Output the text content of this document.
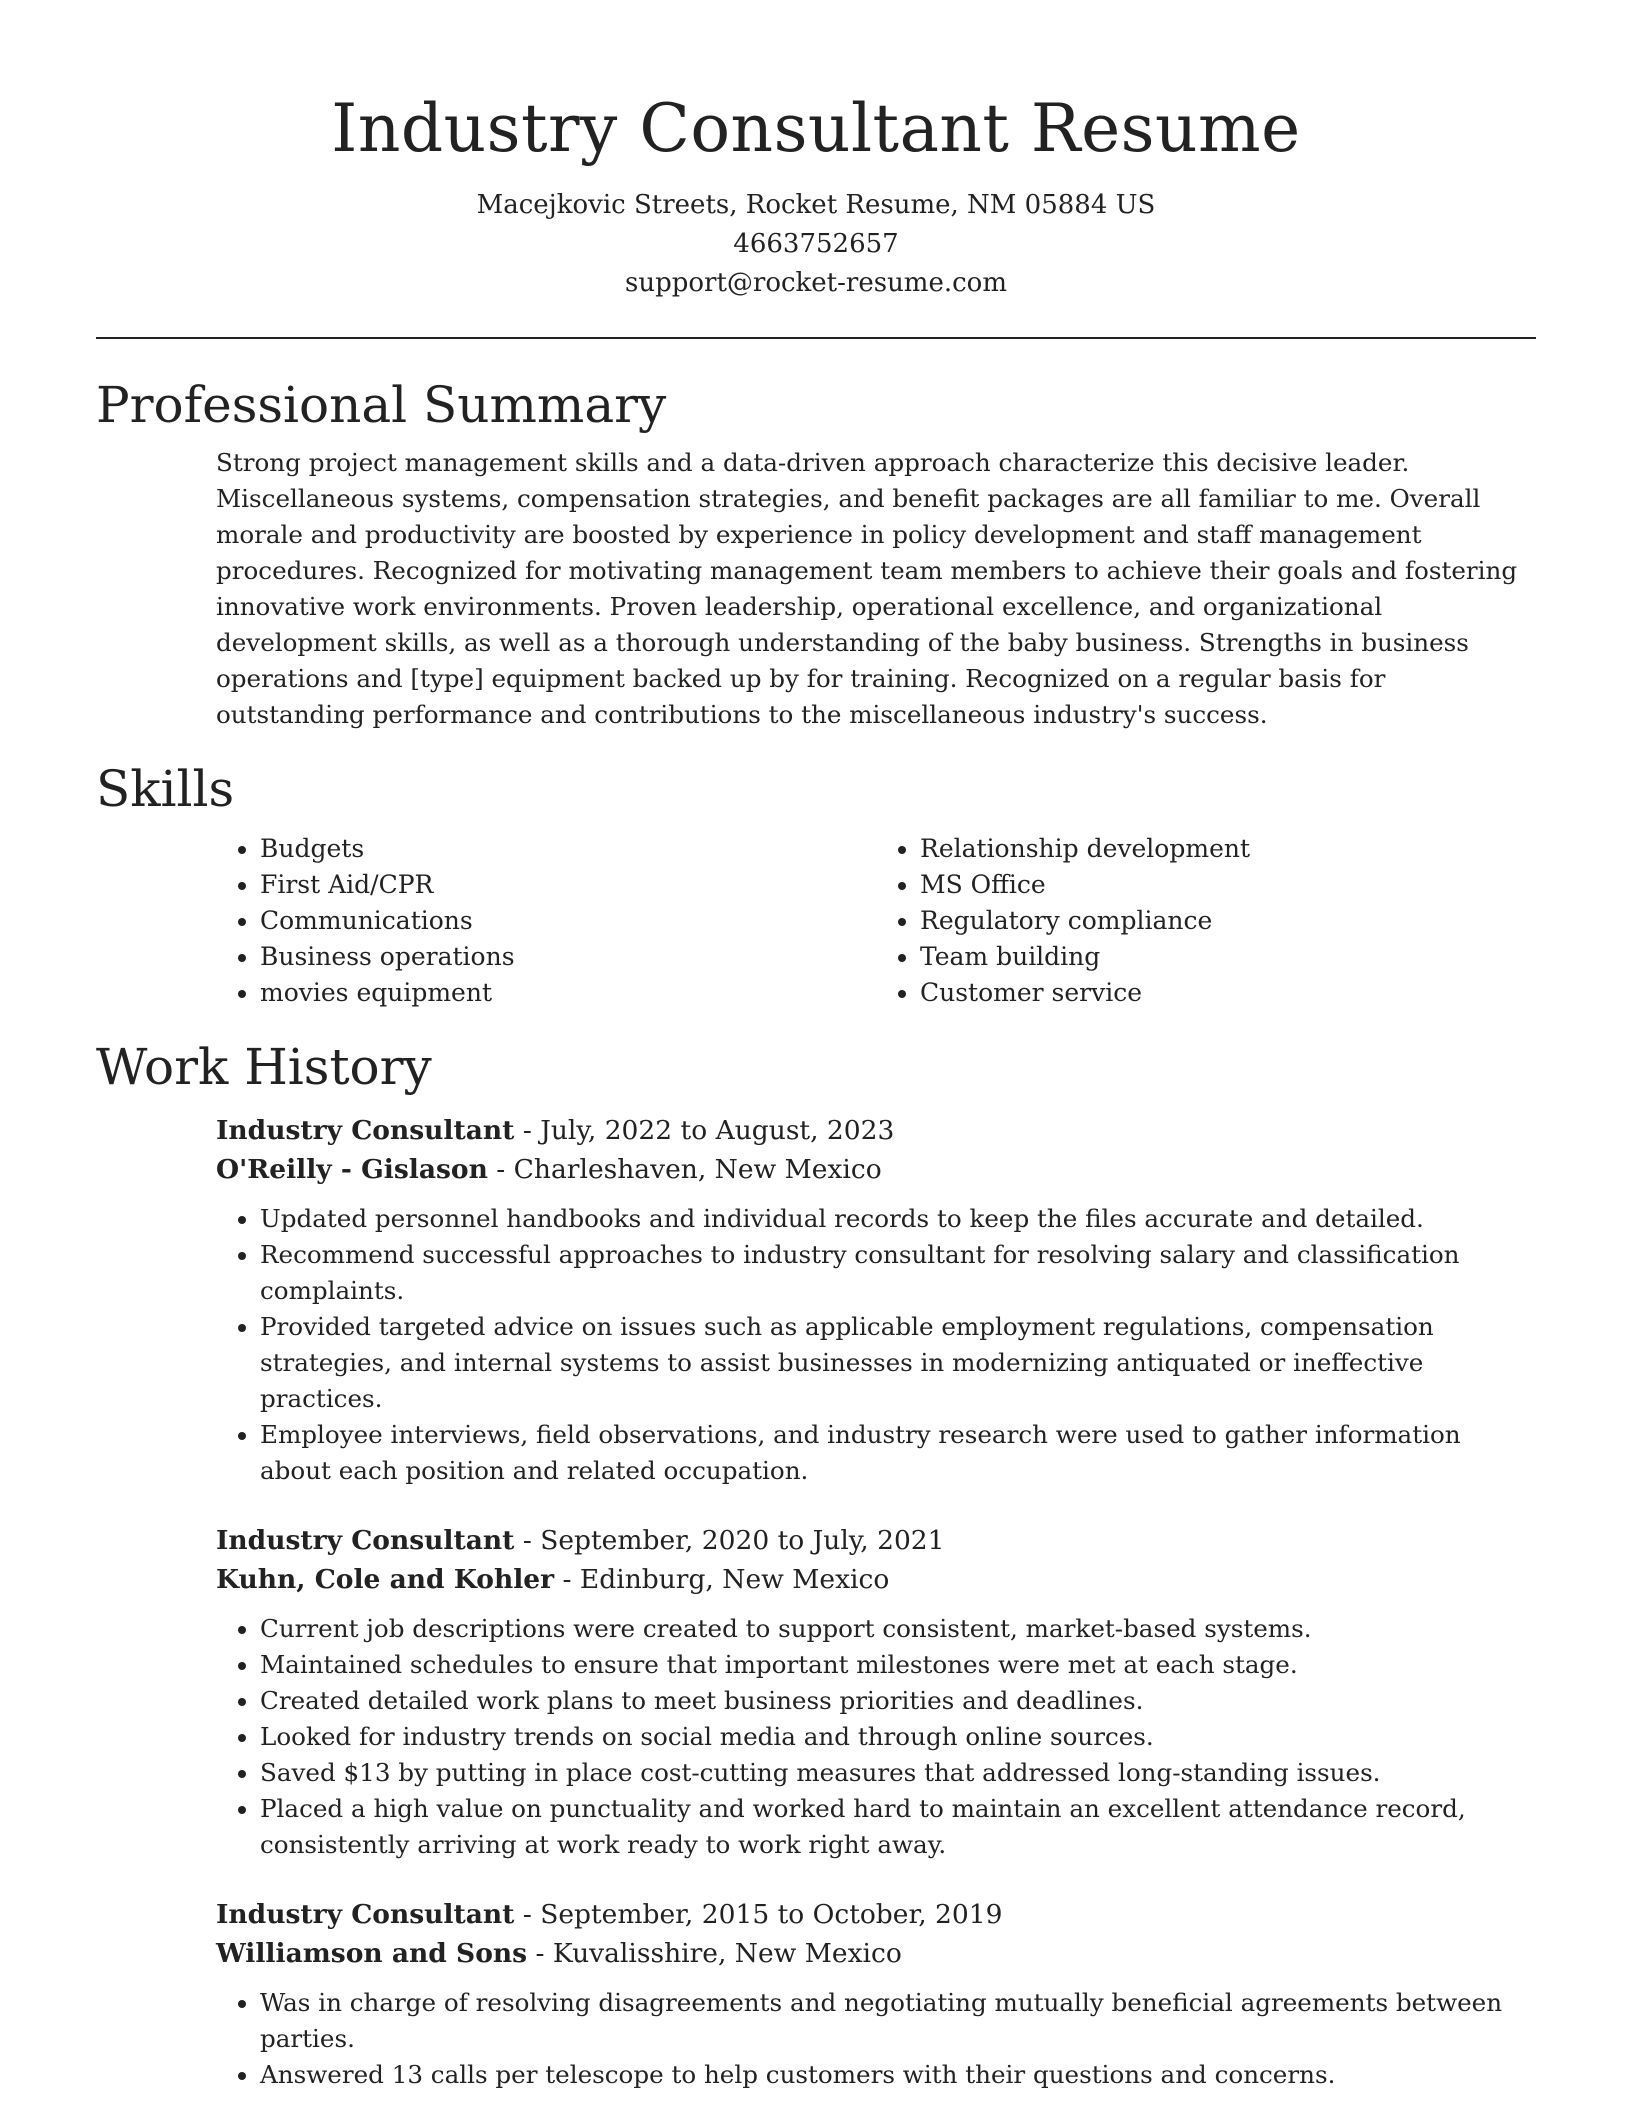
Industry Consultant Resume
Macejkovic Streets, Rocket Resume, NM 05884 US
4663752657
support@rocket-resume.com
Professional Summary

Strong project management skills and a data-driven approach characterize this decisive leader. Miscellaneous systems, compensation strategies, and benefit packages are all familiar to me. Overall morale and productivity are boosted by experience in policy development and staff management procedures. Recognized for motivating management team members to achieve their goals and fostering innovative work environments. Proven leadership, operational excellence, and organizational development skills, as well as a thorough understanding of the baby business. Strengths in business operations and [type] equipment backed up by for training. Recognized on a regular basis for outstanding performance and contributions to the miscellaneous industry's success.

Skills
• Budgets
• First Aid/CPR
• Communications
• Business operations
• movies equipment
• Relationship development
• MS Office
• Regulatory compliance
• Team building
• Customer service
Work History
Industry Consultant - July, 2022 to August, 2023
O'Reilly - Gislason - Charleshaven, New Mexico
• Updated personnel handbooks and individual records to keep the files accurate and detailed.
• Recommend successful approaches to industry consultant for resolving salary and classification complaints.
• Provided targeted advice on issues such as applicable employment regulations, compensation strategies, and internal systems to assist businesses in modernizing antiquated or ineffective practices.
• Employee interviews, field observations, and industry research were used to gather information about each position and related occupation.
Industry Consultant - September, 2020 to July, 2021
Kuhn, Cole and Kohler - Edinburg, New Mexico
• Current job descriptions were created to support consistent, market-based systems.
• Maintained schedules to ensure that important milestones were met at each stage.
• Created detailed work plans to meet business priorities and deadlines.
• Looked for industry trends on social media and through online sources.
• Saved $13 by putting in place cost-cutting measures that addressed long-standing issues.
• Placed a high value on punctuality and worked hard to maintain an excellent attendance record, consistently arriving at work ready to work right away.
Industry Consultant - September, 2015 to October, 2019
Williamson and Sons - Kuvalisshire, New Mexico
• Was in charge of resolving disagreements and negotiating mutually beneficial agreements between parties.
• Answered 13 calls per telescope to help customers with their questions and concerns.
